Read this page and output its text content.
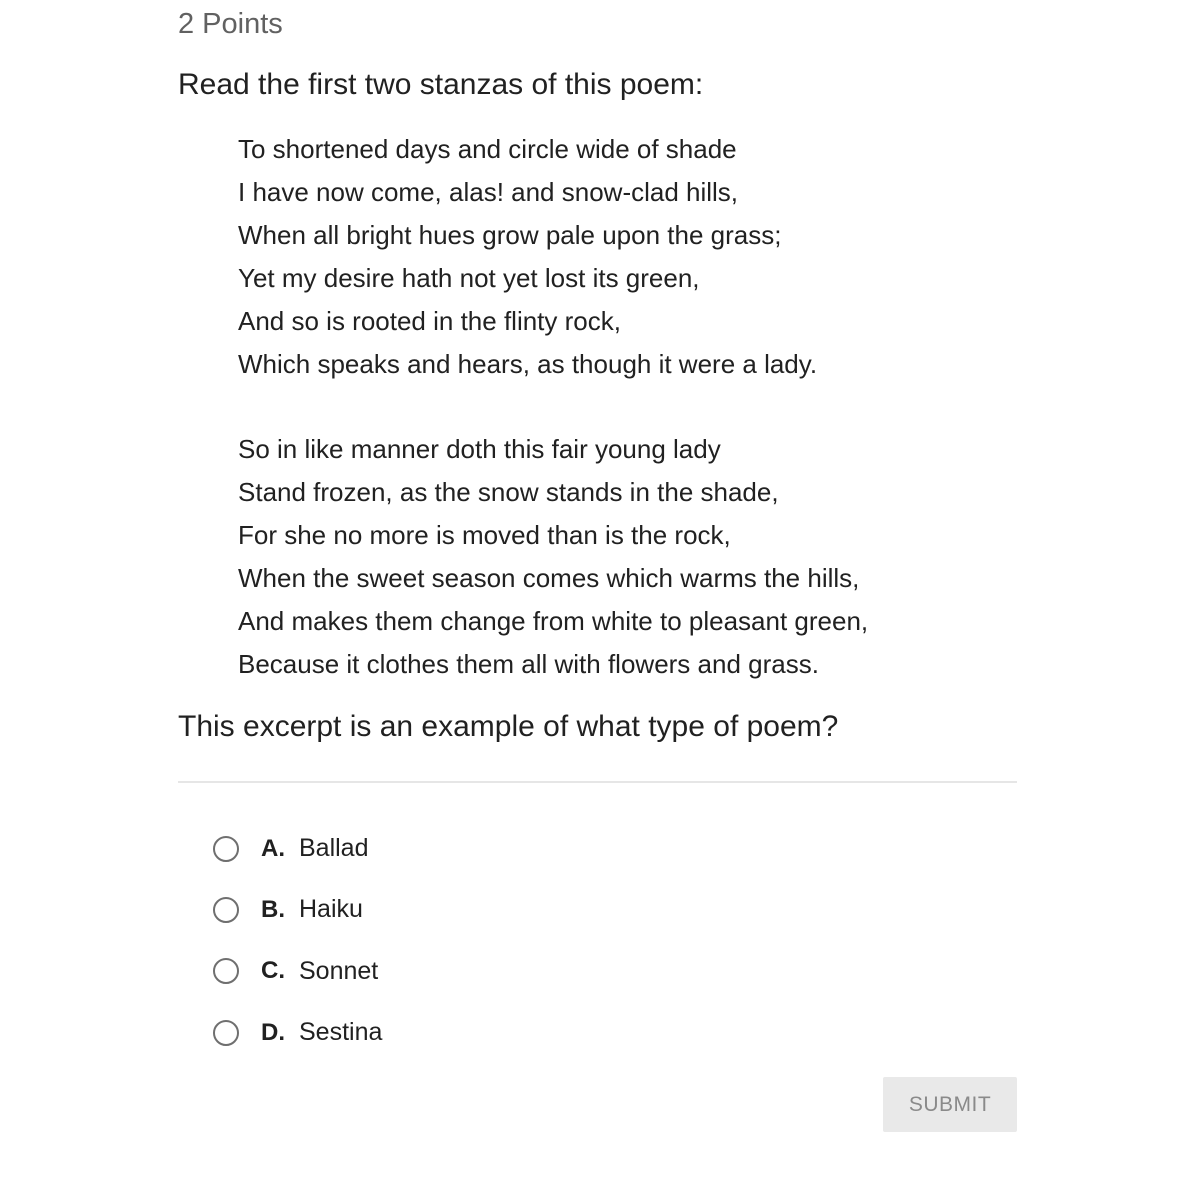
2 Points
Read the first two stanzas of this poem:

To shortened days and circle wide of shade
I have now come, alas! and snow-clad hills,
When all bright hues grow pale upon the grass;
Yet my desire hath not yet lost its green,
And so is rooted in the flinty rock,
Which speaks and hears, as though it were a lady.

So in like manner doth this fair young lady
Stand frozen, as the snow stands in the shade,
For she no more is moved than is the rock,
When the sweet season comes which warms the hills,
And makes them change from white to pleasant green,
Because it clothes them all with flowers and grass.

This excerpt is an example of what type of poem?
A. Ballad
B. Haiku
C. Sonnet
D. Sestina
SUBMIT
